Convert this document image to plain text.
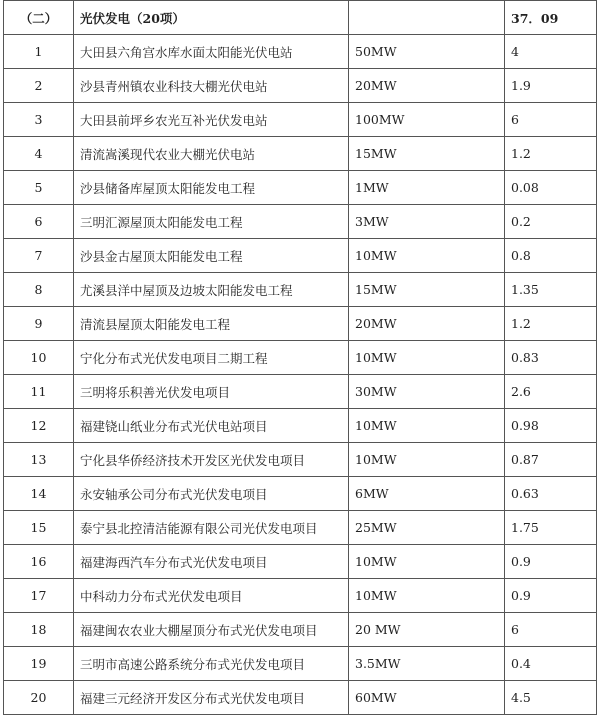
（二）	光伏发电（20项）		37．09
1	大田县六角宫水库水面太阳能光伏电站	50MW	4
2	沙县青州镇农业科技大棚光伏电站	20MW	1.9
3	大田县前坪乡农光互补光伏发电站	100MW	6
4	清流嵩溪现代农业大棚光伏电站	15MW	1.2
5	沙县储备库屋顶太阳能发电工程	1MW	0.08
6	三明汇源屋顶太阳能发电工程	3MW	0.2
7	沙县金古屋顶太阳能发电工程	10MW	0.8
8	尤溪县洋中屋顶及边坡太阳能发电工程	15MW	1.35
9	清流县屋顶太阳能发电工程	20MW	1.2
10	宁化分布式光伏发电项目二期工程	10MW	0.83
11	三明将乐积善光伏发电项目	30MW	2.6
12	福建铙山纸业分布式光伏电站项目	10MW	0.98
13	宁化县华侨经济技术开发区光伏发电项目	10MW	0.87
14	永安轴承公司分布式光伏发电项目	6MW	0.63
15	泰宁县北控清洁能源有限公司光伏发电项目	25MW	1.75
16	福建海西汽车分布式光伏发电项目	10MW	0.9
17	中科动力分布式光伏发电项目	10MW	0.9
18	福建闽农农业大棚屋顶分布式光伏发电项目	20 MW	6
19	三明市高速公路系统分布式光伏发电项目	3.5MW	0.4
20	福建三元经济开发区分布式光伏发电项目	60MW	4.5
